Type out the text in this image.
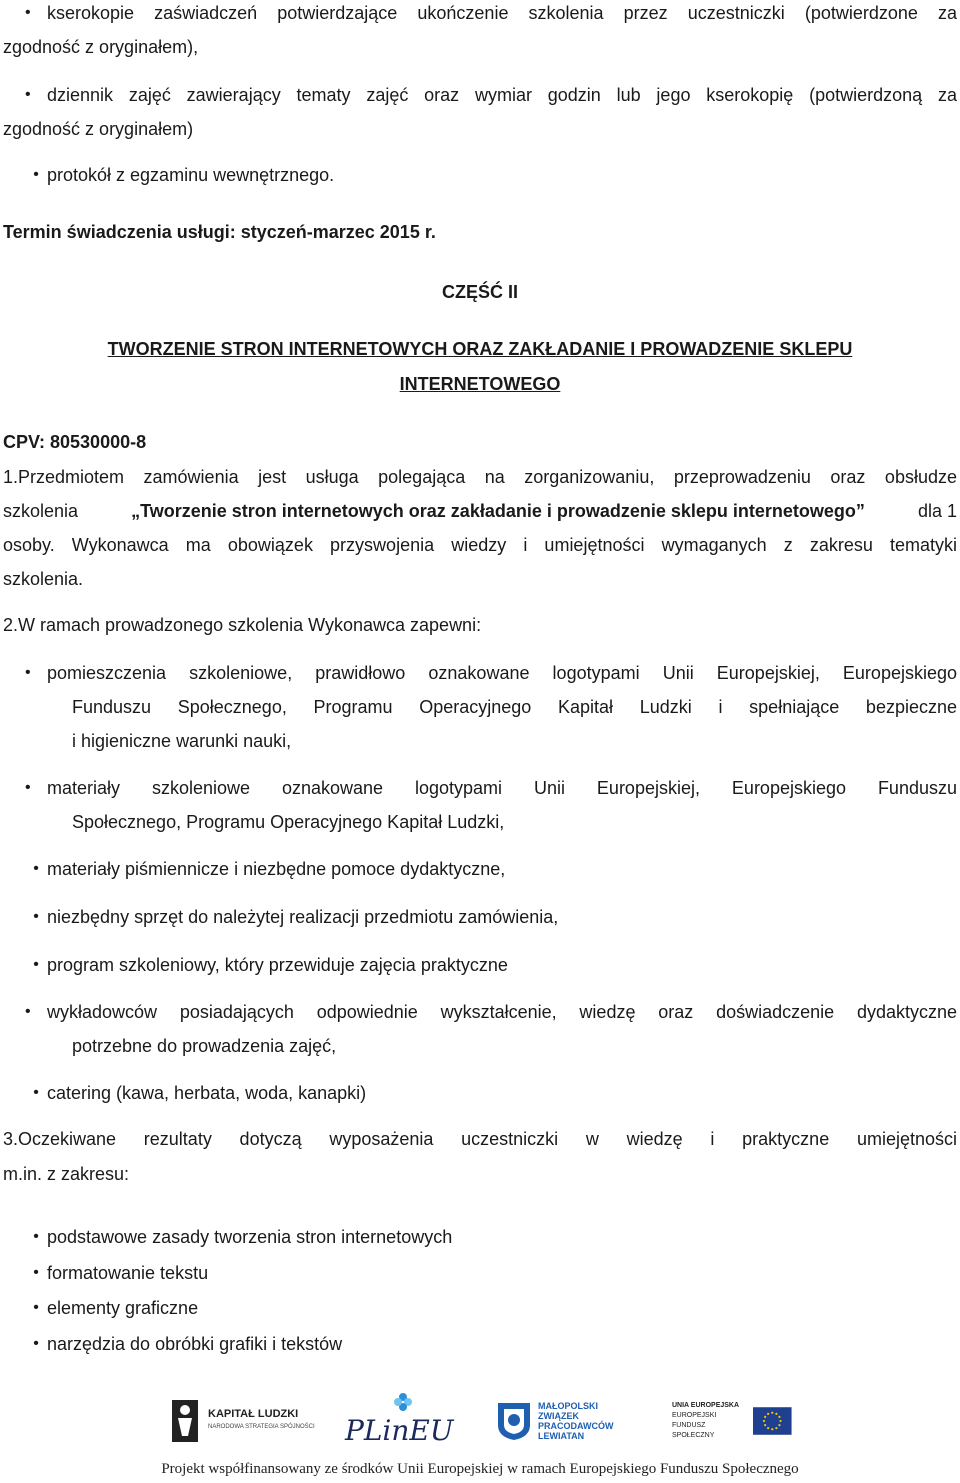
• kserokopie zaświadczeń potwierdzające ukończenie szkolenia przez uczestniczki (potwierdzone za
zgodność z oryginałem),
• dziennik zajęć zawierający tematy zajęć oraz wymiar godzin lub jego kserokopię (potwierdzoną za
zgodność z oryginałem)
• protokół z egzaminu wewnętrznego.
Termin świadczenia usługi: styczeń-marzec 2015 r.
CZĘŚĆ II
TWORZENIE STRON INTERNETOWYCH ORAZ ZAKŁADANIE I PROWADZENIE SKLEPU
INTERNETOWEGO
CPV: 80530000-8
1.Przedmiotem zamówienia jest usługa polegająca na zorganizowaniu, przeprowadzeniu oraz obsłudze
szkolenia	„Tworzenie stron internetowych oraz zakładanie i prowadzenie sklepu internetowego”	dla 1
osoby. Wykonawca ma obowiązek przyswojenia wiedzy i umiejętności wymaganych z zakresu tematyki
szkolenia.
2.W ramach prowadzonego szkolenia Wykonawca zapewni:
• pomieszczenia szkoleniowe, prawidłowo oznakowane logotypami Unii Europejskiej, Europejskiego
Funduszu Społecznego, Programu Operacyjnego Kapitał Ludzki i spełniające bezpieczne
i higieniczne warunki nauki,
• materiały szkoleniowe oznakowane logotypami Unii Europejskiej, Europejskiego Funduszu
Społecznego, Programu Operacyjnego Kapitał Ludzki,
• materiały piśmiennicze i niezbędne pomoce dydaktyczne,
• niezbędny sprzęt do należytej realizacji przedmiotu zamówienia,
• program szkoleniowy, który przewiduje zajęcia praktyczne
• wykładowców posiadających odpowiednie wykształcenie, wiedzę oraz doświadczenie dydaktyczne
potrzebne do prowadzenia zajęć,
• catering (kawa, herbata, woda, kanapki)
3.Oczekiwane rezultaty dotyczą wyposażenia uczestniczki w wiedzę i praktyczne umiejętności
m.in. z zakresu:
• podstawowe zasady tworzenia stron internetowych
• formatowanie tekstu
• elementy graficzne
• narzędzia do obróbki grafiki i tekstów
KAPITAŁ LUDZKI
NARODOWA STRATEGIA SPÓJNOŚCI PLinEU
MAŁOPOLSKI
ZWIĄZEK
PRACODAWCÓW
LEWIATAN
UNIA EUROPEJSKA
EUROPEJSKI
FUNDUSZ SPOŁECZNY
Projekt współfinansowany ze środków Unii Europejskiej w ramach Europejskiego Funduszu Społecznego
